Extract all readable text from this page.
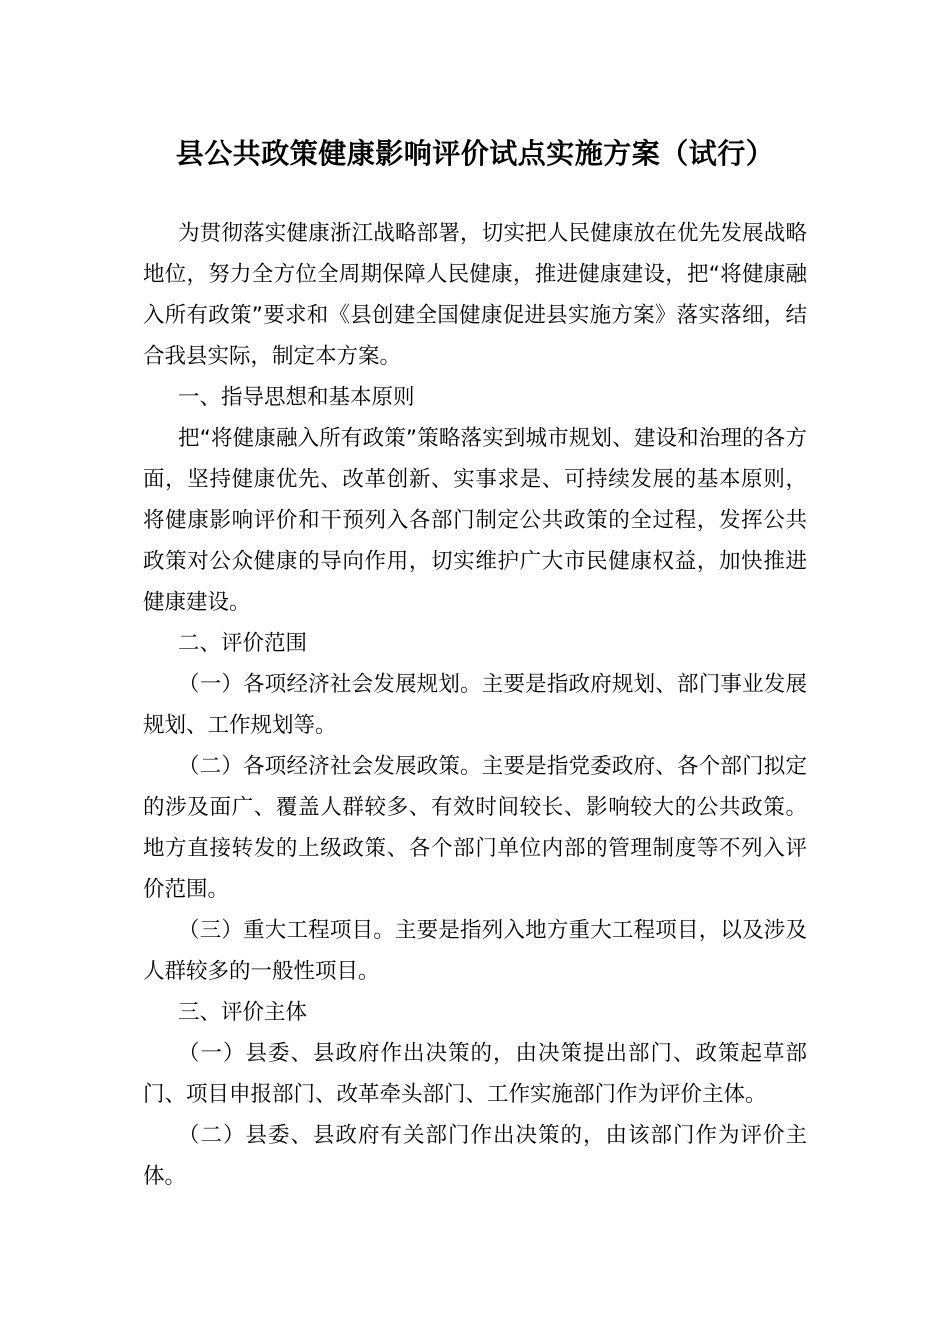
县公共政策健康影响评价试点实施方案（试行）

为贯彻落实健康浙江战略部署，切实把人民健康放在优先发展战略地位，努力全方位全周期保障人民健康，推进健康建设，把“将健康融入所有政策”要求和《县创建全国健康促进县实施方案》落实落细，结合我县实际，制定本方案。

一、指导思想和基本原则

把“将健康融入所有政策”策略落实到城市规划、建设和治理的各方面，坚持健康优先、改革创新、实事求是、可持续发展的基本原则，将健康影响评价和干预列入各部门制定公共政策的全过程，发挥公共政策对公众健康的导向作用，切实维护广大市民健康权益，加快推进健康建设。

二、评价范围

（一）各项经济社会发展规划。主要是指政府规划、部门事业发展规划、工作规划等。

（二）各项经济社会发展政策。主要是指党委政府、各个部门拟定的涉及面广、覆盖人群较多、有效时间较长、影响较大的公共政策。地方直接转发的上级政策、各个部门单位内部的管理制度等不列入评价范围。

（三）重大工程项目。主要是指列入地方重大工程项目，以及涉及人群较多的一般性项目。

三、评价主体

（一）县委、县政府作出决策的，由决策提出部门、政策起草部门、项目申报部门、改革牵头部门、工作实施部门作为评价主体。

（二）县委、县政府有关部门作出决策的，由该部门作为评价主体。
